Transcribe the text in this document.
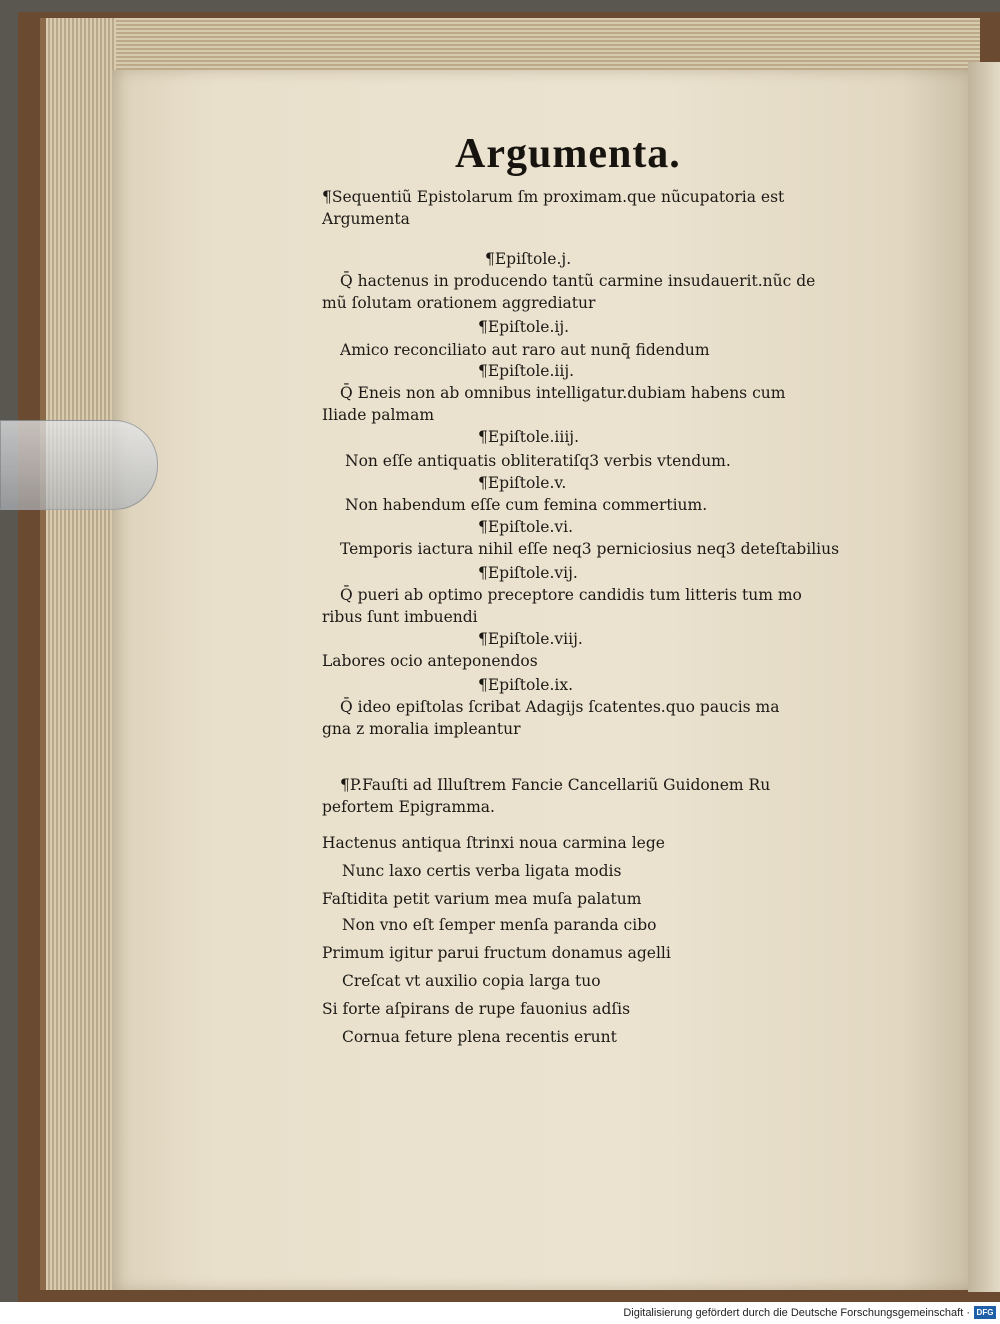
Argumenta.
¶Sequentiũ Epistolarum ſm proximam.que nũcupatoria est
Argumenta
¶Epiſtole.j.
Q̄ hactenus in producendo tantũ carmine insudauerit.nũc de
mũ ſolutam orationem aggrediatur
¶Epiſtole.ij.
Amico reconciliato aut raro aut nunq̄ fidendum
¶Epiſtole.iij.
Q̄ Eneis non ab omnibus intelligatur.dubiam habens cum
Iliade palmam
¶Epiſtole.iiij.
Non eſſe antiquatis obliteratiſq3 verbis vtendum.
¶Epiſtole.v.
Non habendum eſſe cum femina commertium.
¶Epiſtole.vi.
Temporis iactura nihil eſſe neq3 perniciosius neq3 deteſtabilius
¶Epiſtole.vij.
Q̄ pueri ab optimo preceptore candidis tum litteris tum mo
ribus ſunt imbuendi
¶Epiſtole.viij.
Labores ocio anteponendos
¶Epiſtole.ix.
Q̄ ideo epiſtolas ſcribat Adagijs ſcatentes.quo paucis ma
gna z moralia impleantur
¶P.Fauſti ad Illuſtrem Fancie Cancellariũ Guidonem Ru
pefortem Epigramma.
Hactenus antiqua ſtrinxi noua carmina lege
Nunc laxo certis verba ligata modis
Faſtidita petit varium mea muſa palatum
Non vno eſt ſemper menſa paranda cibo
Primum igitur parui fructum donamus agelli
Creſcat vt auxilio copia larga tuo
Si forte aſpirans de rupe fauonius adſis
Cornua feture plena recentis erunt
Digitalisierung gefördert durch die Deutsche Forschungsgemeinschaft · DFG
